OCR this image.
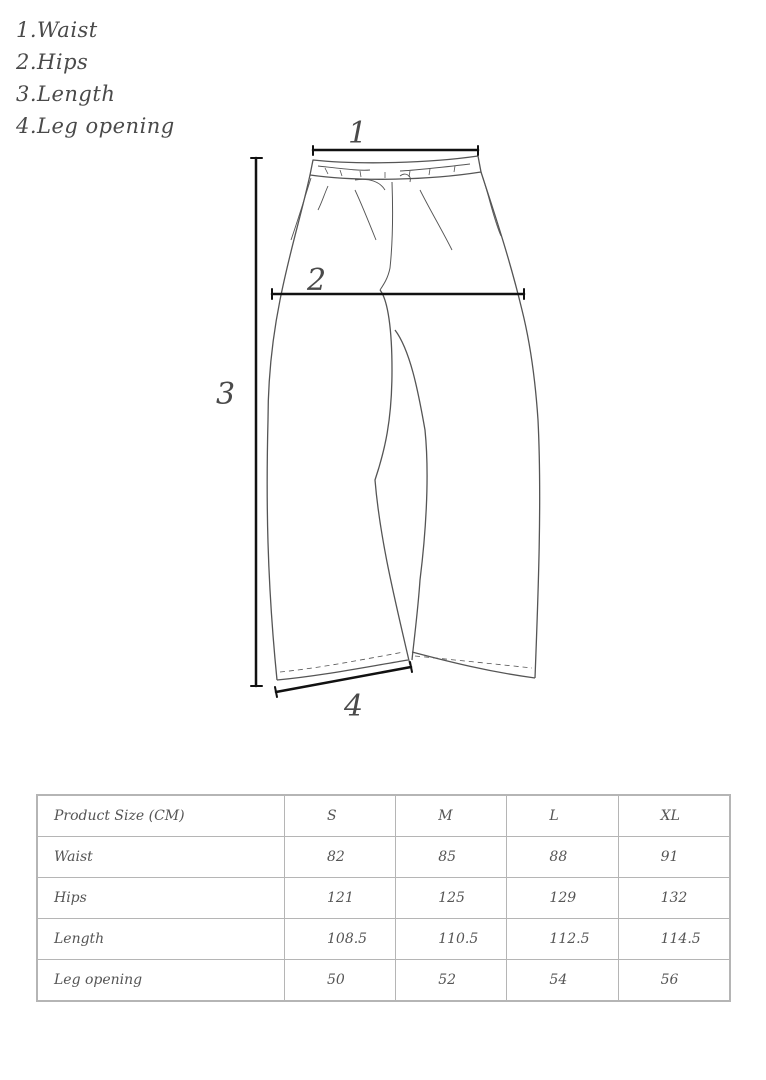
1.Waist
2.Hips
3.Length
4.Leg opening	1
2
3
4
Product Size (CM)	S	M	L	XL
Waist	82	85	88	91
Hips	121	125	129	132
Length	108.5	110.5	112.5	114.5
Leg opening	50	52	54	56
